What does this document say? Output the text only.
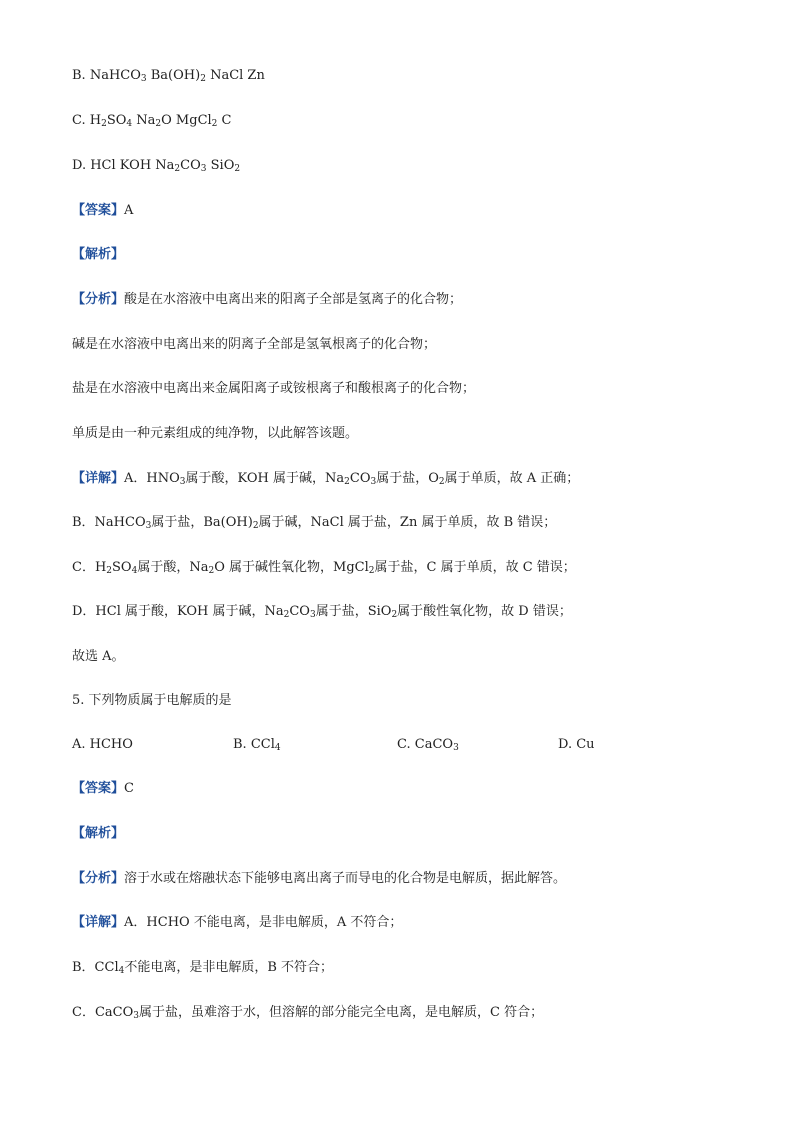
B. NaHCO$_3$ $Ba(OH)_2$ NaCl Zn
C. $H_2SO_4$ $Na_2O$ MgCl$_2$ C
D. HCl KOH $Na_2CO_3$ SiO$_2$
【答案】A
【解析】
【分析】酸是在水溶液中电离出来的阳离子全部是氢离子的化合物；
碱是在水溶液中电离出来的阴离子全部是氢氧根离子的化合物；
盐是在水溶液中电离出来金属阳离子或铵根离子和酸根离子的化合物；
单质是由一种元素组成的纯净物，以此解答该题。
【详解】A．$HNO_3$属于酸，KOH 属于碱，$Na_2CO_3$属于盐，$O_2$属于单质，故 A 正确；
B．NaHCO$_3$属于盐，$Ba(OH)_2$属于碱，NaCl 属于盐，Zn 属于单质，故 B 错误；
C．$H_2SO_4$属于酸，$Na_2O$ 属于碱性氧化物，MgCl$_2$属于盐，C 属于单质，故 C 错误；
D．HCl 属于酸，KOH 属于碱，$Na_2CO_3$属于盐，SiO$_2$属于酸性氧化物，故 D 错误；
故选 A。
5. 下列物质属于电解质的是
A. HCHO	B. CCl$_4$	C. CaCO$_3$	D. Cu
【答案】C
【解析】
【分析】溶于水或在熔融状态下能够电离出离子而导电的化合物是电解质，据此解答。
【详解】A．HCHO 不能电离，是非电解质，A 不符合；
B．CCl$_4$不能电离，是非电解质，B 不符合；
C．CaCO$_3$属于盐，虽难溶于水，但溶解的部分能完全电离，是电解质，C 符合；
